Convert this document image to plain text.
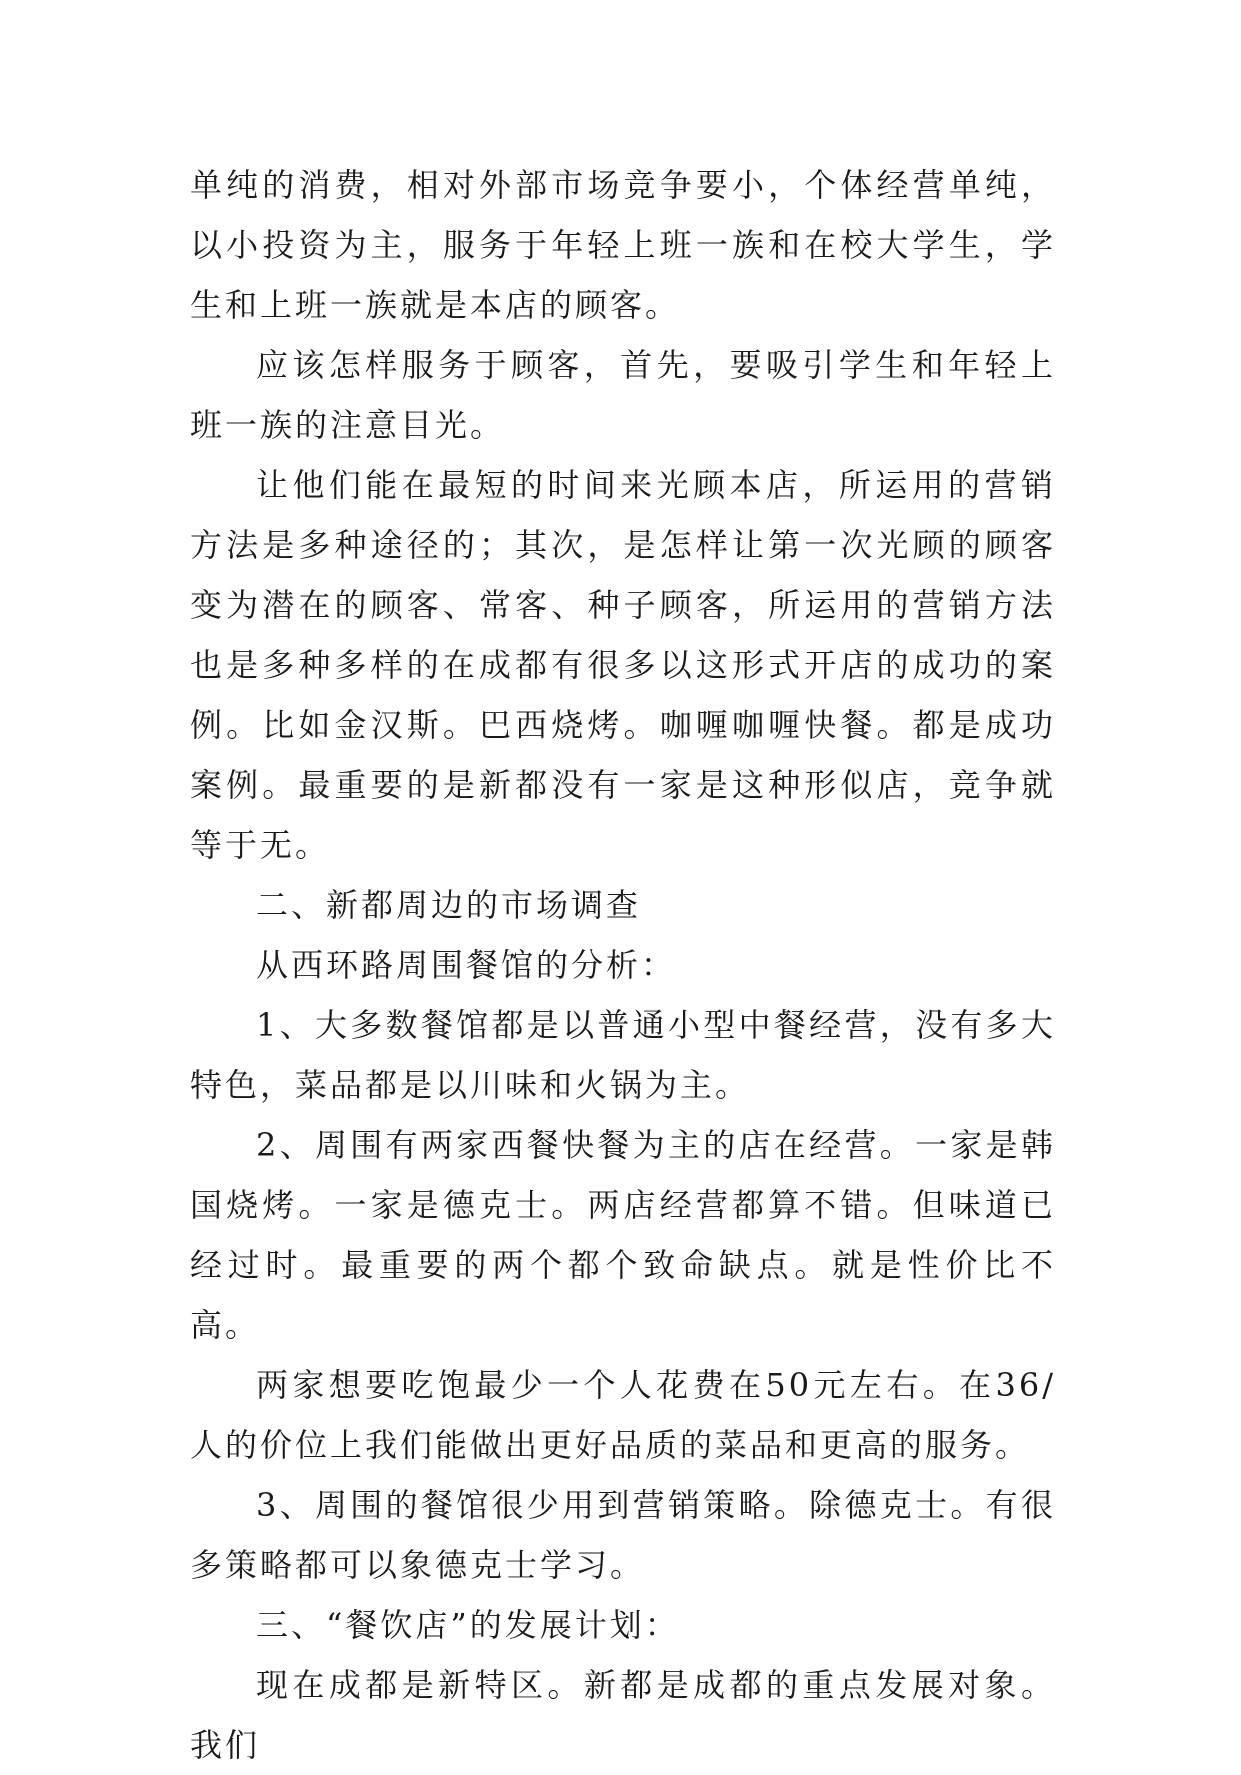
单纯的消费，相对外部市场竞争要小，个体经营单纯，以小投资为主，服务于年轻上班一族和在校大学生，学生和上班一族就是本店的顾客。

应该怎样服务于顾客，首先，要吸引学生和年轻上班一族的注意目光。

让他们能在最短的时间来光顾本店，所运用的营销方法是多种途径的；其次，是怎样让第一次光顾的顾客变为潜在的顾客、常客、种子顾客，所运用的营销方法也是多种多样的在成都有很多以这形式开店的成功的案例。比如金汉斯。巴西烧烤。咖喱咖喱快餐。都是成功案例。最重要的是新都没有一家是这种形似店，竞争就等于无。

二、新都周边的市场调查

从西环路周围餐馆的分析：

1、大多数餐馆都是以普通小型中餐经营，没有多大特色，菜品都是以川味和火锅为主。

2、周围有两家西餐快餐为主的店在经营。一家是韩国烧烤。一家是德克士。两店经营都算不错。但味道已经过时。最重要的两个都个致命缺点。就是性价比不高。

两家想要吃饱最少一个人花费在50元左右。在36/人的价位上我们能做出更好品质的菜品和更高的服务。

3、周围的餐馆很少用到营销策略。除德克士。有很多策略都可以象德克士学习。

三、“餐饮店”的发展计划：

现在成都是新特区。新都是成都的重点发展对象。我们
